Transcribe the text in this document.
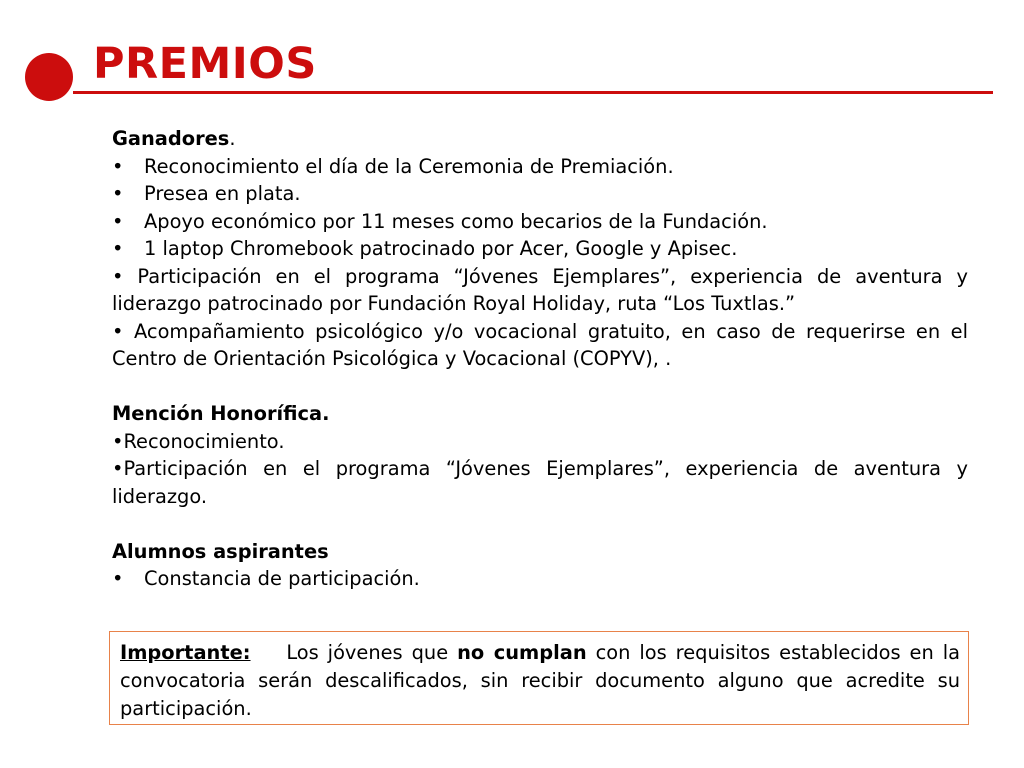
PREMIOS

Ganadores.

• Reconocimiento el día de la Ceremonia de Premiación.

• Presea en plata.

• Apoyo económico por 11 meses como becarios de la Fundación.

• 1 laptop Chromebook patrocinado por Acer, Google y Apisec.

• Participación en el programa “Jóvenes Ejemplares”, experiencia de aventura y liderazgo patrocinado por Fundación Royal Holiday, ruta “Los Tuxtlas.”

• Acompañamiento psicológico y/o vocacional gratuito, en caso de requerirse en el Centro de Orientación Psicológica y Vocacional (COPYV), .

Mención Honorífica.

•Reconocimiento.

•Participación en el programa “Jóvenes Ejemplares”, experiencia de aventura y liderazgo.

Alumnos aspirantes

• Constancia de participación.

Importante: Los jóvenes que no cumplan con los requisitos establecidos en la convocatoria serán descalificados, sin recibir documento alguno que acredite su participación.
